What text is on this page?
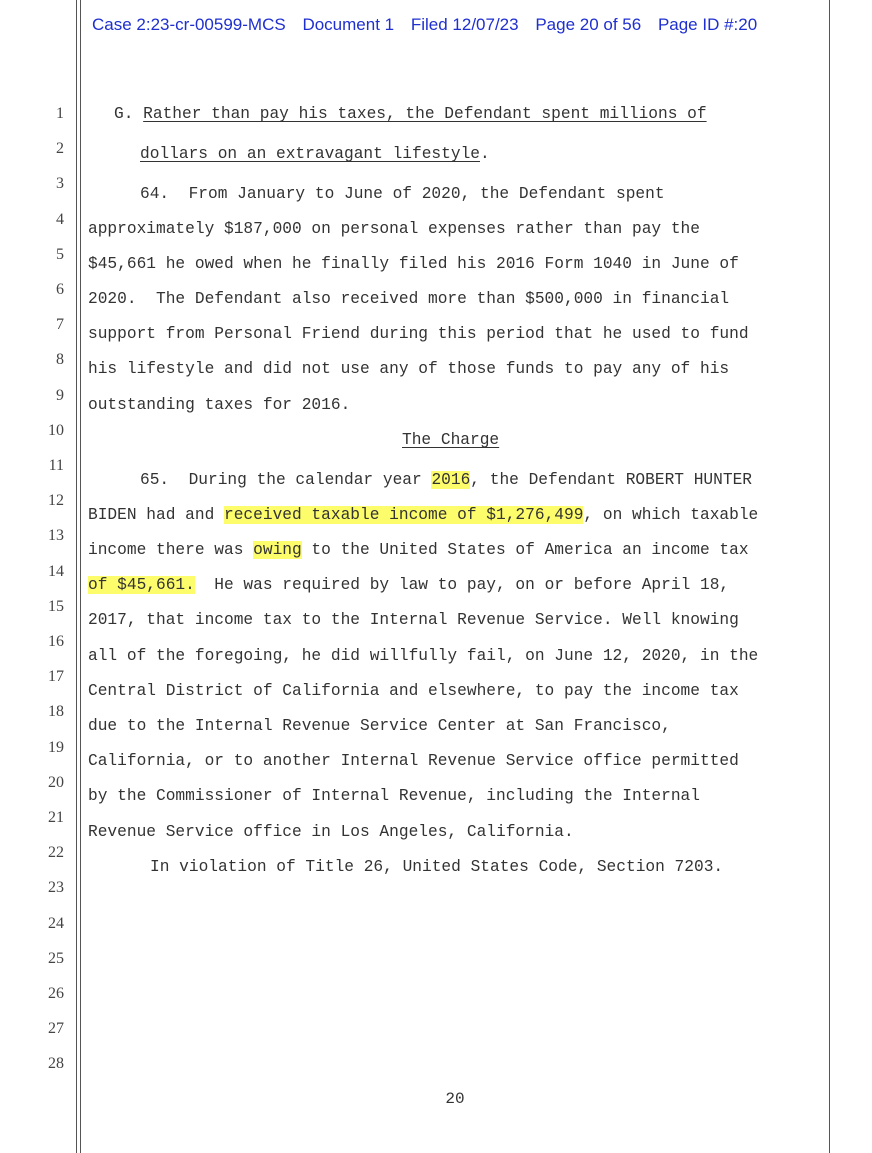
Case 2:23-cr-00599-MCS Document 1 Filed 12/07/23 Page 20 of 56 Page ID #:20
1
2
3
4
5
6
7
8
9
10
11
12
13
14
15
16
17
18
19
20
21
22
23
24
25
26
27
28
G. Rather than pay his taxes, the Defendant spent millions of
dollars on an extravagant lifestyle.
64.  From January to June of 2020, the Defendant spent
approximately $187,000 on personal expenses rather than pay the
$45,661 he owed when he finally filed his 2016 Form 1040 in June of
2020.  The Defendant also received more than $500,000 in financial
support from Personal Friend during this period that he used to fund
his lifestyle and did not use any of those funds to pay any of his
outstanding taxes for 2016.
The Charge
65.  During the calendar year 2016, the Defendant ROBERT HUNTER
BIDEN had and received taxable income of $1,276,499, on which taxable
income there was owing to the United States of America an income tax
of $45,661.  He was required by law to pay, on or before April 18,
2017, that income tax to the Internal Revenue Service. Well knowing
all of the foregoing, he did willfully fail, on June 12, 2020, in the
Central District of California and elsewhere, to pay the income tax
due to the Internal Revenue Service Center at San Francisco,
California, or to another Internal Revenue Service office permitted
by the Commissioner of Internal Revenue, including the Internal
Revenue Service office in Los Angeles, California.
In violation of Title 26, United States Code, Section 7203.
20
